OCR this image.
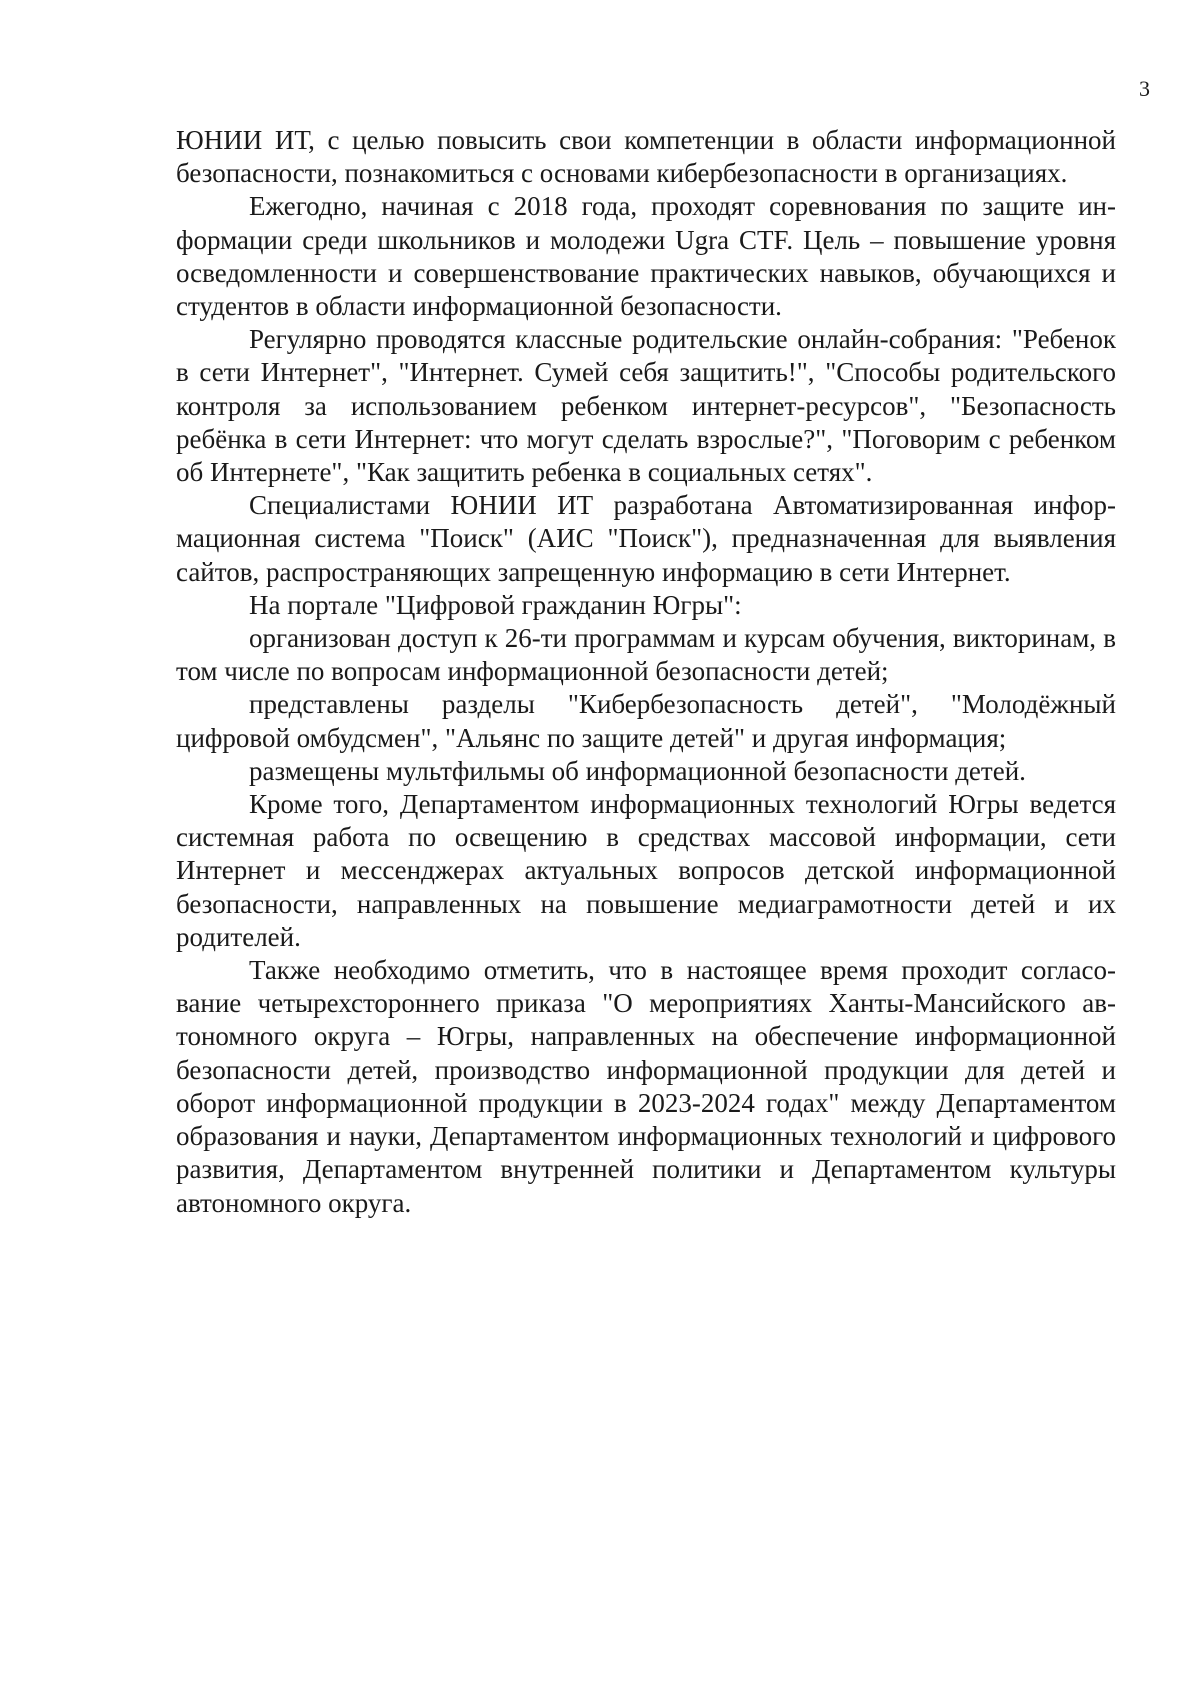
3

ЮНИИ ИТ, с целью повысить свои компетенции в области информационной безопасности, познакомиться с основами кибербезопасности в организациях.

Ежегодно, начиная с 2018 года, проходят соревнования по защите информации среди школьников и молодежи Ugra CTF. Цель – повышение уровня осведомленности и совершенствование практических навыков, обучающихся и студентов в области информационной безопасности.

Регулярно проводятся классные родительские онлайн-собрания: "Ребенок в сети Интернет", "Интернет. Сумей себя защитить!", "Способы родительского контроля за использованием ребенком интернет-ресурсов", "Безопасность ребёнка в сети Интернет: что могут сделать взрослые?", "Поговорим с ребенком об Интернете", "Как защитить ребенка в социальных сетях".

Специалистами ЮНИИ ИТ разработана Автоматизированная информационная система "Поиск" (АИС "Поиск"), предназначенная для выявления сайтов, распространяющих запрещенную информацию в сети Интернет.

На портале "Цифровой гражданин Югры":

организован доступ к 26-ти программам и курсам обучения, викторинам, в том числе по вопросам информационной безопасности детей;

представлены разделы "Кибербезопасность детей", "Молодёжный цифровой омбудсмен", "Альянс по защите детей" и другая информация;

размещены мультфильмы об информационной безопасности детей.

Кроме того, Департаментом информационных технологий Югры ведется системная работа по освещению в средствах массовой информации, сети Интернет и мессенджерах актуальных вопросов детской информационной безопасности, направленных на повышение медиаграмотности детей и их родителей.

Также необходимо отметить, что в настоящее время проходит согласование четырехстороннего приказа "О мероприятиях Ханты-Мансийского автономного округа – Югры, направленных на обеспечение информационной безопасности детей, производство информационной продукции для детей и оборот информационной продукции в 2023-2024 годах" между Департаментом образования и науки, Департаментом информационных технологий и цифрового развития, Департаментом внутренней политики и Департаментом культуры автономного округа.
